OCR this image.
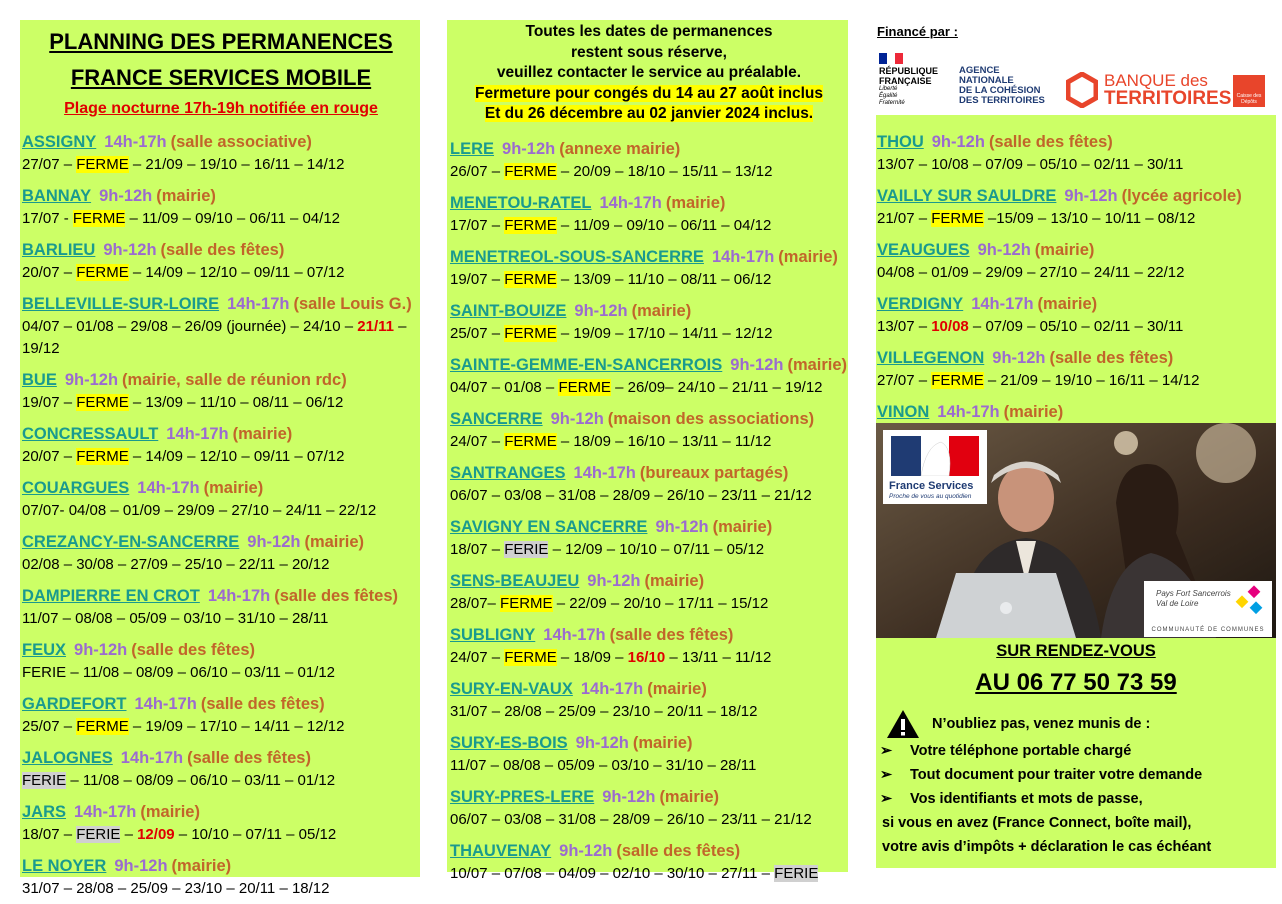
PLANNING DES PERMANENCES
FRANCE SERVICES MOBILE
Plage nocturne 17h-19h notifiée en rouge
ASSIGNY 14h-17h (salle associative)
27/07 – FERME – 21/09 – 19/10 – 16/11 – 14/12
BANNAY 9h-12h (mairie)
17/07 - FERME – 11/09 – 09/10 – 06/11 – 04/12
BARLIEU 9h-12h (salle des fêtes)
20/07 – FERME – 14/09 – 12/10 – 09/11 – 07/12
BELLEVILLE-SUR-LOIRE 14h-17h (salle Louis G.)
04/07 – 01/08 – 29/08 – 26/09 (journée) – 24/10 – 21/11 – 19/12
BUE 9h-12h (mairie, salle de réunion rdc)
19/07 – FERME – 13/09 – 11/10 – 08/11 – 06/12
CONCRESSAULT 14h-17h (mairie)
20/07 – FERME – 14/09 – 12/10 – 09/11 – 07/12
COUARGUES 14h-17h (mairie)
07/07- 04/08 – 01/09 – 29/09 – 27/10 – 24/11 – 22/12
CREZANCY-EN-SANCERRE 9h-12h (mairie)
02/08 – 30/08 – 27/09 – 25/10 – 22/11 – 20/12
DAMPIERRE EN CROT 14h-17h (salle des fêtes)
11/07 – 08/08 – 05/09 – 03/10 – 31/10 – 28/11
FEUX 9h-12h (salle des fêtes)
FERIE – 11/08 – 08/09 – 06/10 – 03/11 – 01/12
GARDEFORT 14h-17h (salle des fêtes)
25/07 – FERME – 19/09 – 17/10 – 14/11 – 12/12
JALOGNES 14h-17h (salle des fêtes)
FERIE – 11/08 – 08/09 – 06/10 – 03/11 – 01/12
JARS 14h-17h (mairie)
18/07 – FERIE – 12/09 – 10/10 – 07/11 – 05/12
LE NOYER 9h-12h (mairie)
31/07 – 28/08 – 25/09 – 23/10 – 20/11 – 18/12
Toutes les dates de permanences
restent sous réserve,
veuillez contacter le service au préalable.
Fermeture pour congés du 14 au 27 août inclus
Et du 26 décembre au 02 janvier 2024 inclus.
LERE 9h-12h (annexe mairie)
26/07 – FERME – 20/09 – 18/10 – 15/11 – 13/12
MENETOU-RATEL 14h-17h (mairie)
17/07 – FERME – 11/09 – 09/10 – 06/11 – 04/12
MENETREOL-SOUS-SANCERRE 14h-17h (mairie)
19/07 – FERME – 13/09 – 11/10 – 08/11 – 06/12
SAINT-BOUIZE 9h-12h (mairie)
25/07 – FERME – 19/09 – 17/10 – 14/11 – 12/12
SAINTE-GEMME-EN-SANCERROIS 9h-12h (mairie)
04/07 – 01/08 – FERME – 26/09– 24/10 – 21/11 – 19/12
SANCERRE 9h-12h (maison des associations)
24/07 – FERME – 18/09 – 16/10 – 13/11 – 11/12
SANTRANGES 14h-17h (bureaux partagés)
06/07 – 03/08 – 31/08 – 28/09 – 26/10 – 23/11 – 21/12
SAVIGNY EN SANCERRE 9h-12h (mairie)
18/07 – FERIE – 12/09 – 10/10 – 07/11 – 05/12
SENS-BEAUJEU 9h-12h (mairie)
28/07– FERME – 22/09 – 20/10 – 17/11 – 15/12
SUBLIGNY 14h-17h (salle des fêtes)
24/07 – FERME – 18/09 – 16/10 – 13/11 – 11/12
SURY-EN-VAUX 14h-17h (mairie)
31/07 – 28/08 – 25/09 – 23/10 – 20/11 – 18/12
SURY-ES-BOIS 9h-12h (mairie)
11/07 – 08/08 – 05/09 – 03/10 – 31/10 – 28/11
SURY-PRES-LERE 9h-12h (mairie)
06/07 – 03/08 – 31/08 – 28/09 – 26/10 – 23/11 – 21/12
THAUVENAY 9h-12h (salle des fêtes)
10/07 – 07/08 – 04/09 – 02/10 – 30/10 – 27/11 – FERIE
Financé par :
RÉPUBLIQUE
FRANÇAISE
Liberté
Égalité
Fraternité
AGENCE
NATIONALE
DE LA COHÉSION
DES TERRITOIRES
BANQUE des
TERRITOIRES	Caisse des Dépôts
THOU 9h-12h (salle des fêtes)
13/07 – 10/08 – 07/09 – 05/10 – 02/11 – 30/11
VAILLY SUR SAULDRE 9h-12h (lycée agricole)
21/07 – FERME –15/09 – 13/10 – 10/11 – 08/12
VEAUGUES 9h-12h (mairie)
04/08 – 01/09 – 29/09 – 27/10 – 24/11 – 22/12
VERDIGNY 14h-17h (mairie)
13/07 – 10/08 – 07/09 – 05/10 – 02/11 – 30/11
VILLEGENON 9h-12h (salle des fêtes)
27/07 – FERME – 21/09 – 19/10 – 16/11 – 14/12
VINON 14h-17h (mairie)
France Services
Proche de vous au quotidien
Pays Fort Sancerrois
Val de Loire
COMMUNAUTÉ DE COMMUNES
SUR RENDEZ-VOUS
AU 06 77 50 73 59
N’oubliez pas, venez munis de :
➢ Votre téléphone portable chargé
➢ Tout document pour traiter votre demande
➢ Vos identifiants et mots de passe,
si vous en avez (France Connect, boîte mail),
votre avis d’impôts + déclaration le cas échéant
